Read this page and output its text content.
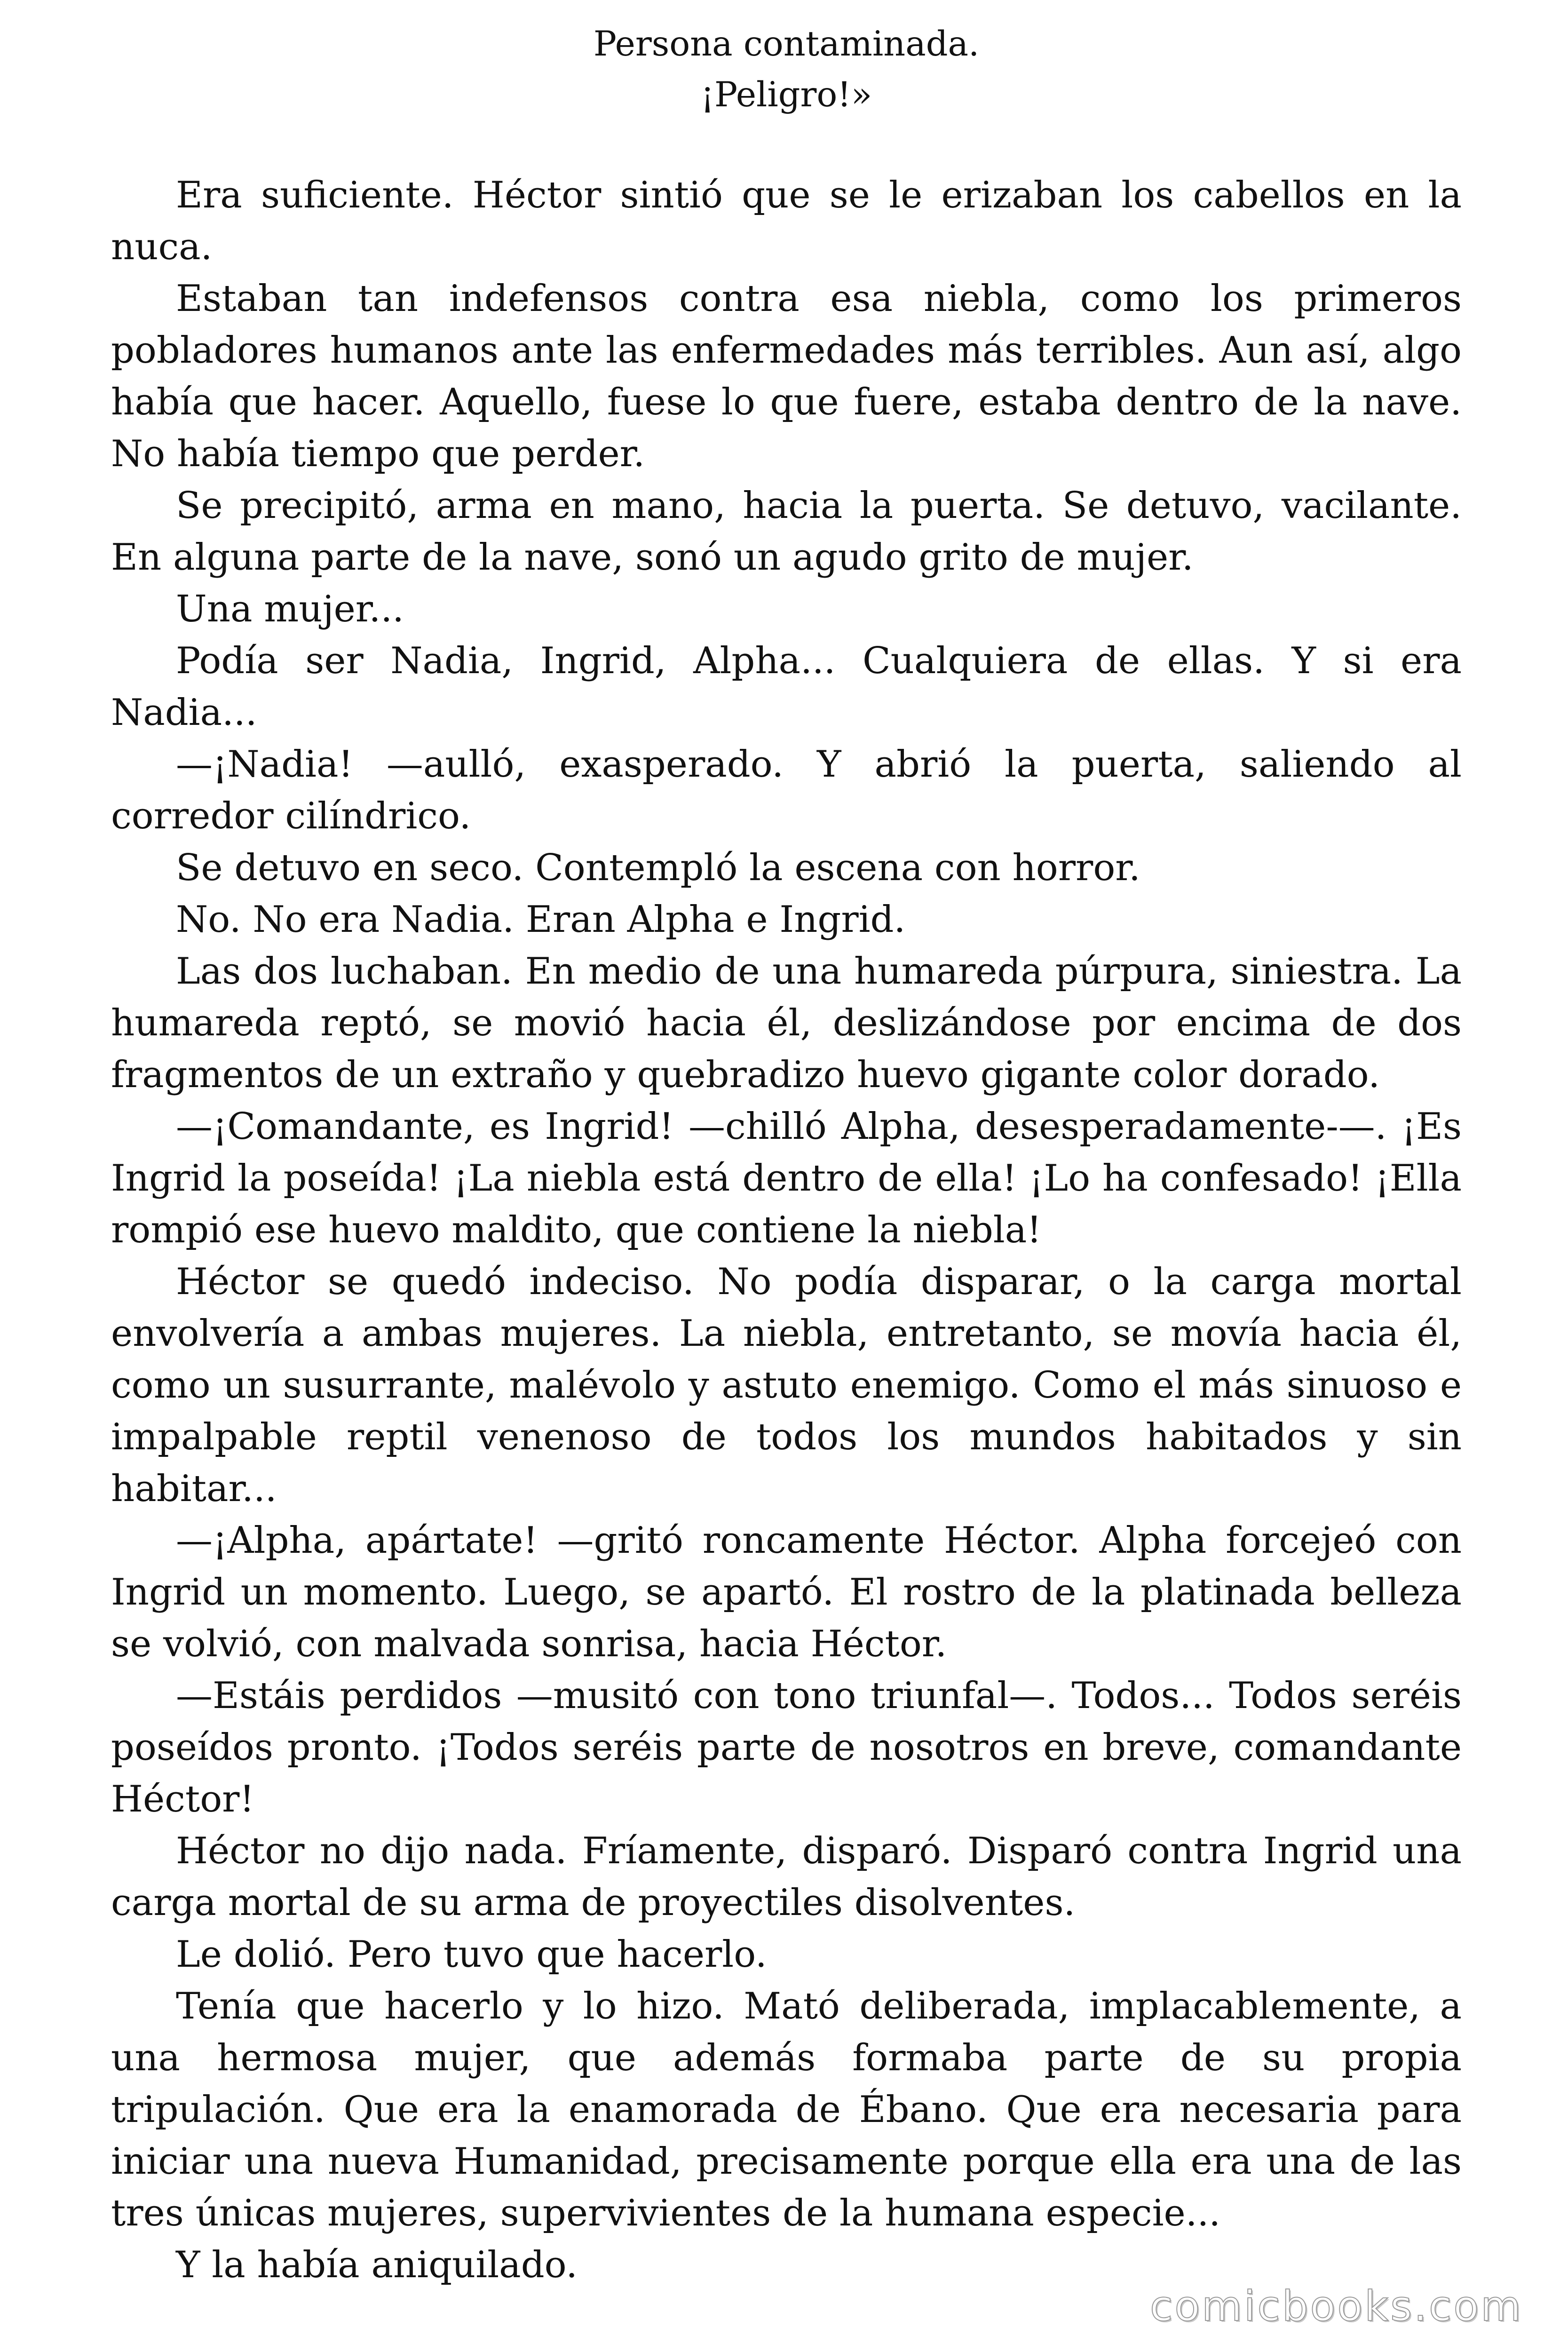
Persona contaminada.
¡Peligro!»

Era suficiente. Héctor sintió que se le erizaban los cabellos en la nuca.

Estaban tan indefensos contra esa niebla, como los primeros pobladores humanos ante las enfermedades más terribles. Aun así, algo había que hacer. Aquello, fuese lo que fuere, estaba dentro de la nave. No había tiempo que perder.

Se precipitó, arma en mano, hacia la puerta. Se detuvo, vacilante. En alguna parte de la nave, sonó un agudo grito de mujer.

Una mujer...

Podía ser Nadia, Ingrid, Alpha... Cualquiera de ellas. Y si era Nadia...

—¡Nadia! —aulló, exasperado. Y abrió la puerta, saliendo al corredor cilíndrico.

Se detuvo en seco. Contempló la escena con horror.

No. No era Nadia. Eran Alpha e Ingrid.

Las dos luchaban. En medio de una humareda púrpura, siniestra. La humareda reptó, se movió hacia él, deslizándose por encima de dos fragmentos de un extraño y quebradizo huevo gigante color dorado.

—¡Comandante, es Ingrid! —chilló Alpha, desesperadamente-—. ¡Es Ingrid la poseída! ¡La niebla está dentro de ella! ¡Lo ha confesado! ¡Ella rompió ese huevo maldito, que contiene la niebla!

Héctor se quedó indeciso. No podía disparar, o la carga mortal envolvería a ambas mujeres. La niebla, entretanto, se movía hacia él, como un susurrante, malévolo y astuto enemigo. Como el más sinuoso e impalpable reptil venenoso de todos los mundos habitados y sin habitar...

—¡Alpha, apártate! —gritó roncamente Héctor. Alpha forcejeó con Ingrid un momento. Luego, se apartó. El rostro de la platinada belleza se volvió, con malvada sonrisa, hacia Héctor.

—Estáis perdidos —musitó con tono triunfal—. Todos... Todos seréis poseídos pronto. ¡Todos seréis parte de nosotros en breve, comandante Héctor!

Héctor no dijo nada. Fríamente, disparó. Disparó contra Ingrid una carga mortal de su arma de proyectiles disolventes.

Le dolió. Pero tuvo que hacerlo.

Tenía que hacerlo y lo hizo. Mató deliberada, implacablemente, a una hermosa mujer, que además formaba parte de su propia tripulación. Que era la enamorada de Ébano. Que era necesaria para iniciar una nueva Humanidad, precisamente porque ella era una de las tres únicas mujeres, supervivientes de la humana especie...

Y la había aniquilado.

comicbooks.com
